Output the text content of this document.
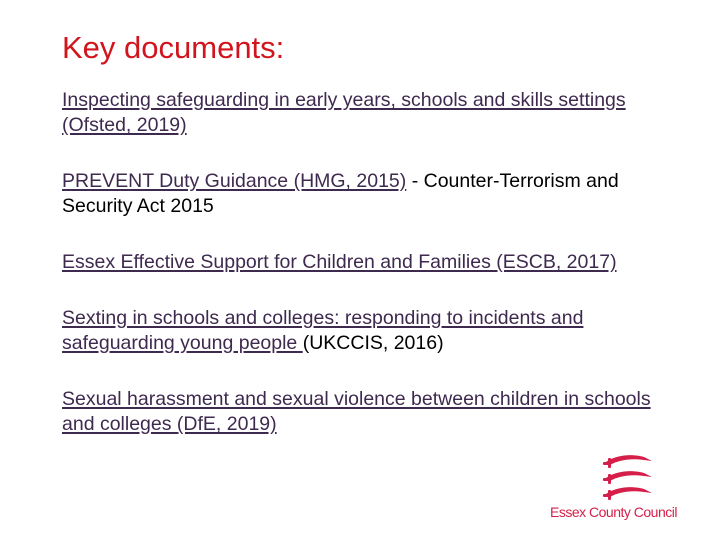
Key documents:
Inspecting safeguarding in early years, schools and skills settings (Ofsted, 2019)
PREVENT Duty Guidance (HMG, 2015) - Counter-Terrorism and Security Act 2015
Essex Effective Support for Children and Families (ESCB, 2017)
Sexting in schools and colleges: responding to incidents and safeguarding young people (UKCCIS, 2016)
Sexual harassment and sexual violence between children in schools and colleges (DfE, 2019)
Essex County Council
